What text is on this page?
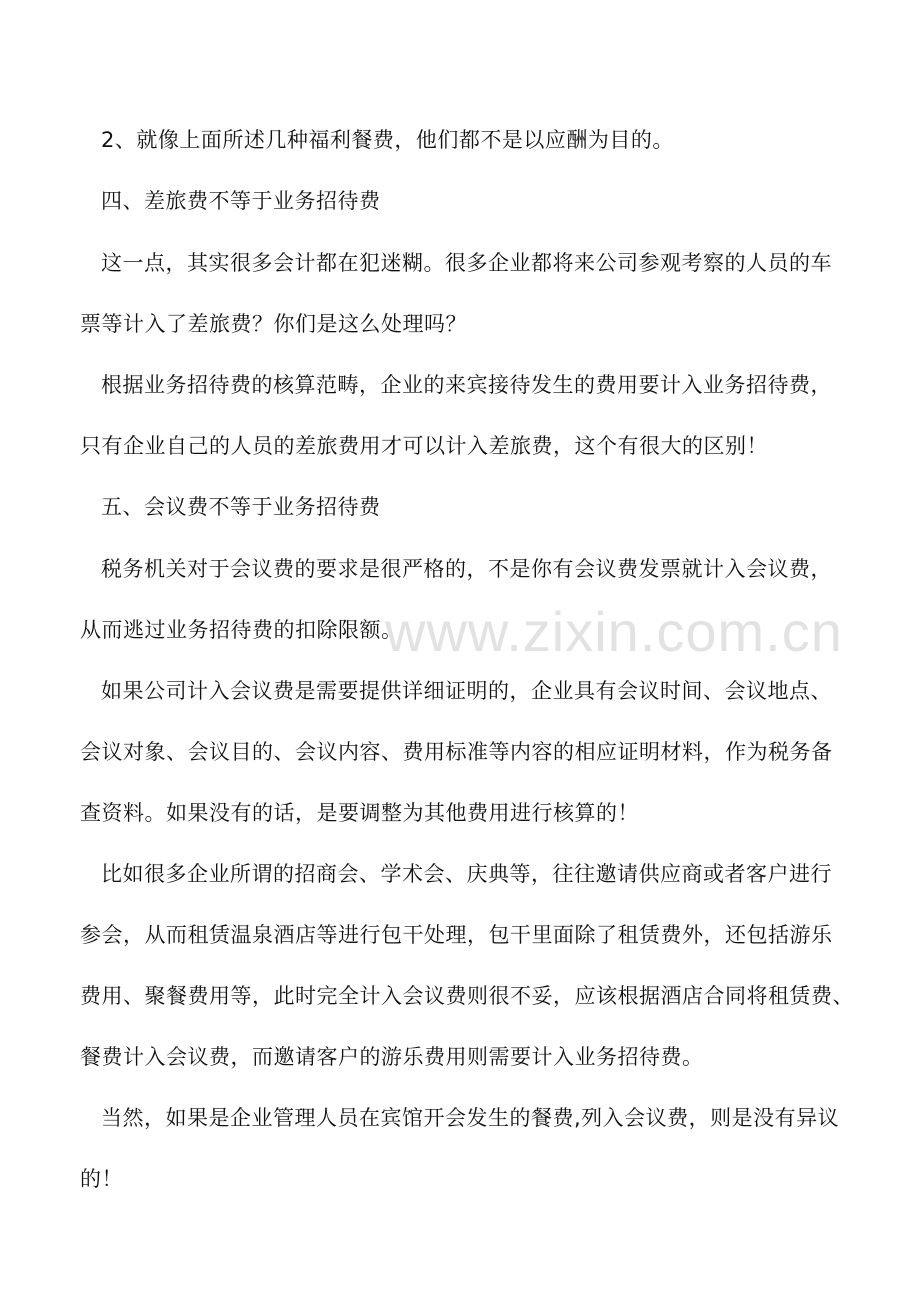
2、就像上面所述几种福利餐费，他们都不是以应酬为目的。
四、差旅费不等于业务招待费
这一点，其实很多会计都在犯迷糊。很多企业都将来公司参观考察的人员的车
票等计入了差旅费？你们是这么处理吗？
根据业务招待费的核算范畴，企业的来宾接待发生的费用要计入业务招待费，
只有企业自己的人员的差旅费用才可以计入差旅费，这个有很大的区别！
五、会议费不等于业务招待费
税务机关对于会议费的要求是很严格的，不是你有会议费发票就计入会议费，
从而逃过业务招待费的扣除限额。
如果公司计入会议费是需要提供详细证明的，企业具有会议时间、会议地点、
会议对象、会议目的、会议内容、费用标准等内容的相应证明材料，作为税务备
查资料。如果没有的话，是要调整为其他费用进行核算的！
比如很多企业所谓的招商会、学术会、庆典等，往往邀请供应商或者客户进行
参会，从而租赁温泉酒店等进行包干处理，包干里面除了租赁费外，还包括游乐
费用、聚餐费用等，此时完全计入会议费则很不妥，应该根据酒店合同将租赁费、
餐费计入会议费，而邀请客户的游乐费用则需要计入业务招待费。
当然，如果是企业管理人员在宾馆开会发生的餐费,列入会议费，则是没有异议
的！
www.zixin.com.cn
